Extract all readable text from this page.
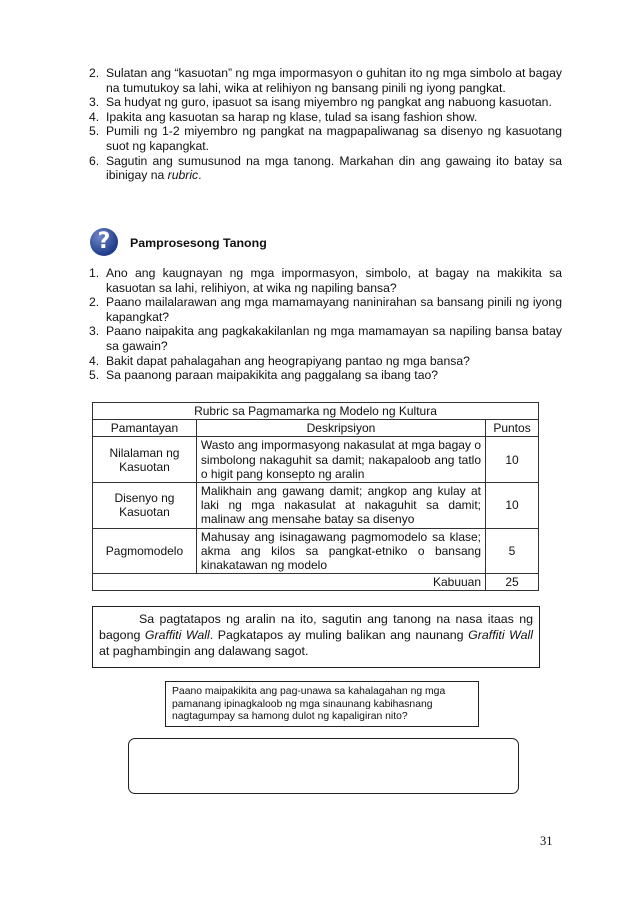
2. Sulatan ang “kasuotan” ng mga impormasyon o guhitan ito ng mga simbolo at bagay na tumutukoy sa lahi, wika at relihiyon ng bansang pinili ng iyong pangkat.
3. Sa hudyat ng guro, ipasuot sa isang miyembro ng pangkat ang nabuong kasuotan.
4. Ipakita ang kasuotan sa harap ng klase, tulad sa isang fashion show.
5. Pumili ng 1-2 miyembro ng pangkat na magpapaliwanag sa disenyo ng kasuotang suot ng kapangkat.
6. Sagutin ang sumusunod na mga tanong. Markahan din ang gawaing ito batay sa ibinigay na rubric.
?	Pamprosesong Tanong
1. Ano ang kaugnayan ng mga impormasyon, simbolo, at bagay na makikita sa kasuotan sa lahi, relihiyon, at wika ng napiling bansa?
2. Paano mailalarawan ang mga mamamayang naninirahan sa bansang pinili ng iyong kapangkat?
3. Paano naipakita ang pagkakakilanlan ng mga mamamayan sa napiling bansa batay sa gawain?
4. Bakit dapat pahalagahan ang heograpiyang pantao ng mga bansa?
5. Sa paanong paraan maipakikita ang paggalang sa ibang tao?
Rubric sa Pagmamarka ng Modelo ng Kultura		
Pamantayan	Deskripsiyon	Puntos
Nilalaman ng Kasuotan	Wasto ang impormasyong nakasulat at mga bagay o simbolong nakaguhit sa damit; nakapaloob ang tatlo o higit pang konsepto ng aralin	10
Disenyo ng Kasuotan	Malikhain ang gawang damit; angkop ang kulay at laki ng mga nakasulat at nakaguhit sa damit; malinaw ang mensahe batay sa disenyo	10
Pagmomodelo	Mahusay ang isinagawang pagmomodelo sa klase; akma ang kilos sa pangkat-etniko o bansang kinakatawan ng modelo	5
Kabuuan		25
Sa pagtatapos ng aralin na ito, sagutin ang tanong na nasa itaas ng bagong Graffiti Wall. Pagkatapos ay muling balikan ang naunang Graffiti Wall at paghambingin ang dalawang sagot.
Paano maipakikita ang pag-unawa sa kahalagahan ng mga pamanang ipinagkaloob ng mga sinaunang kabihasnang nagtagumpay sa hamong dulot ng kapaligiran nito?
31
